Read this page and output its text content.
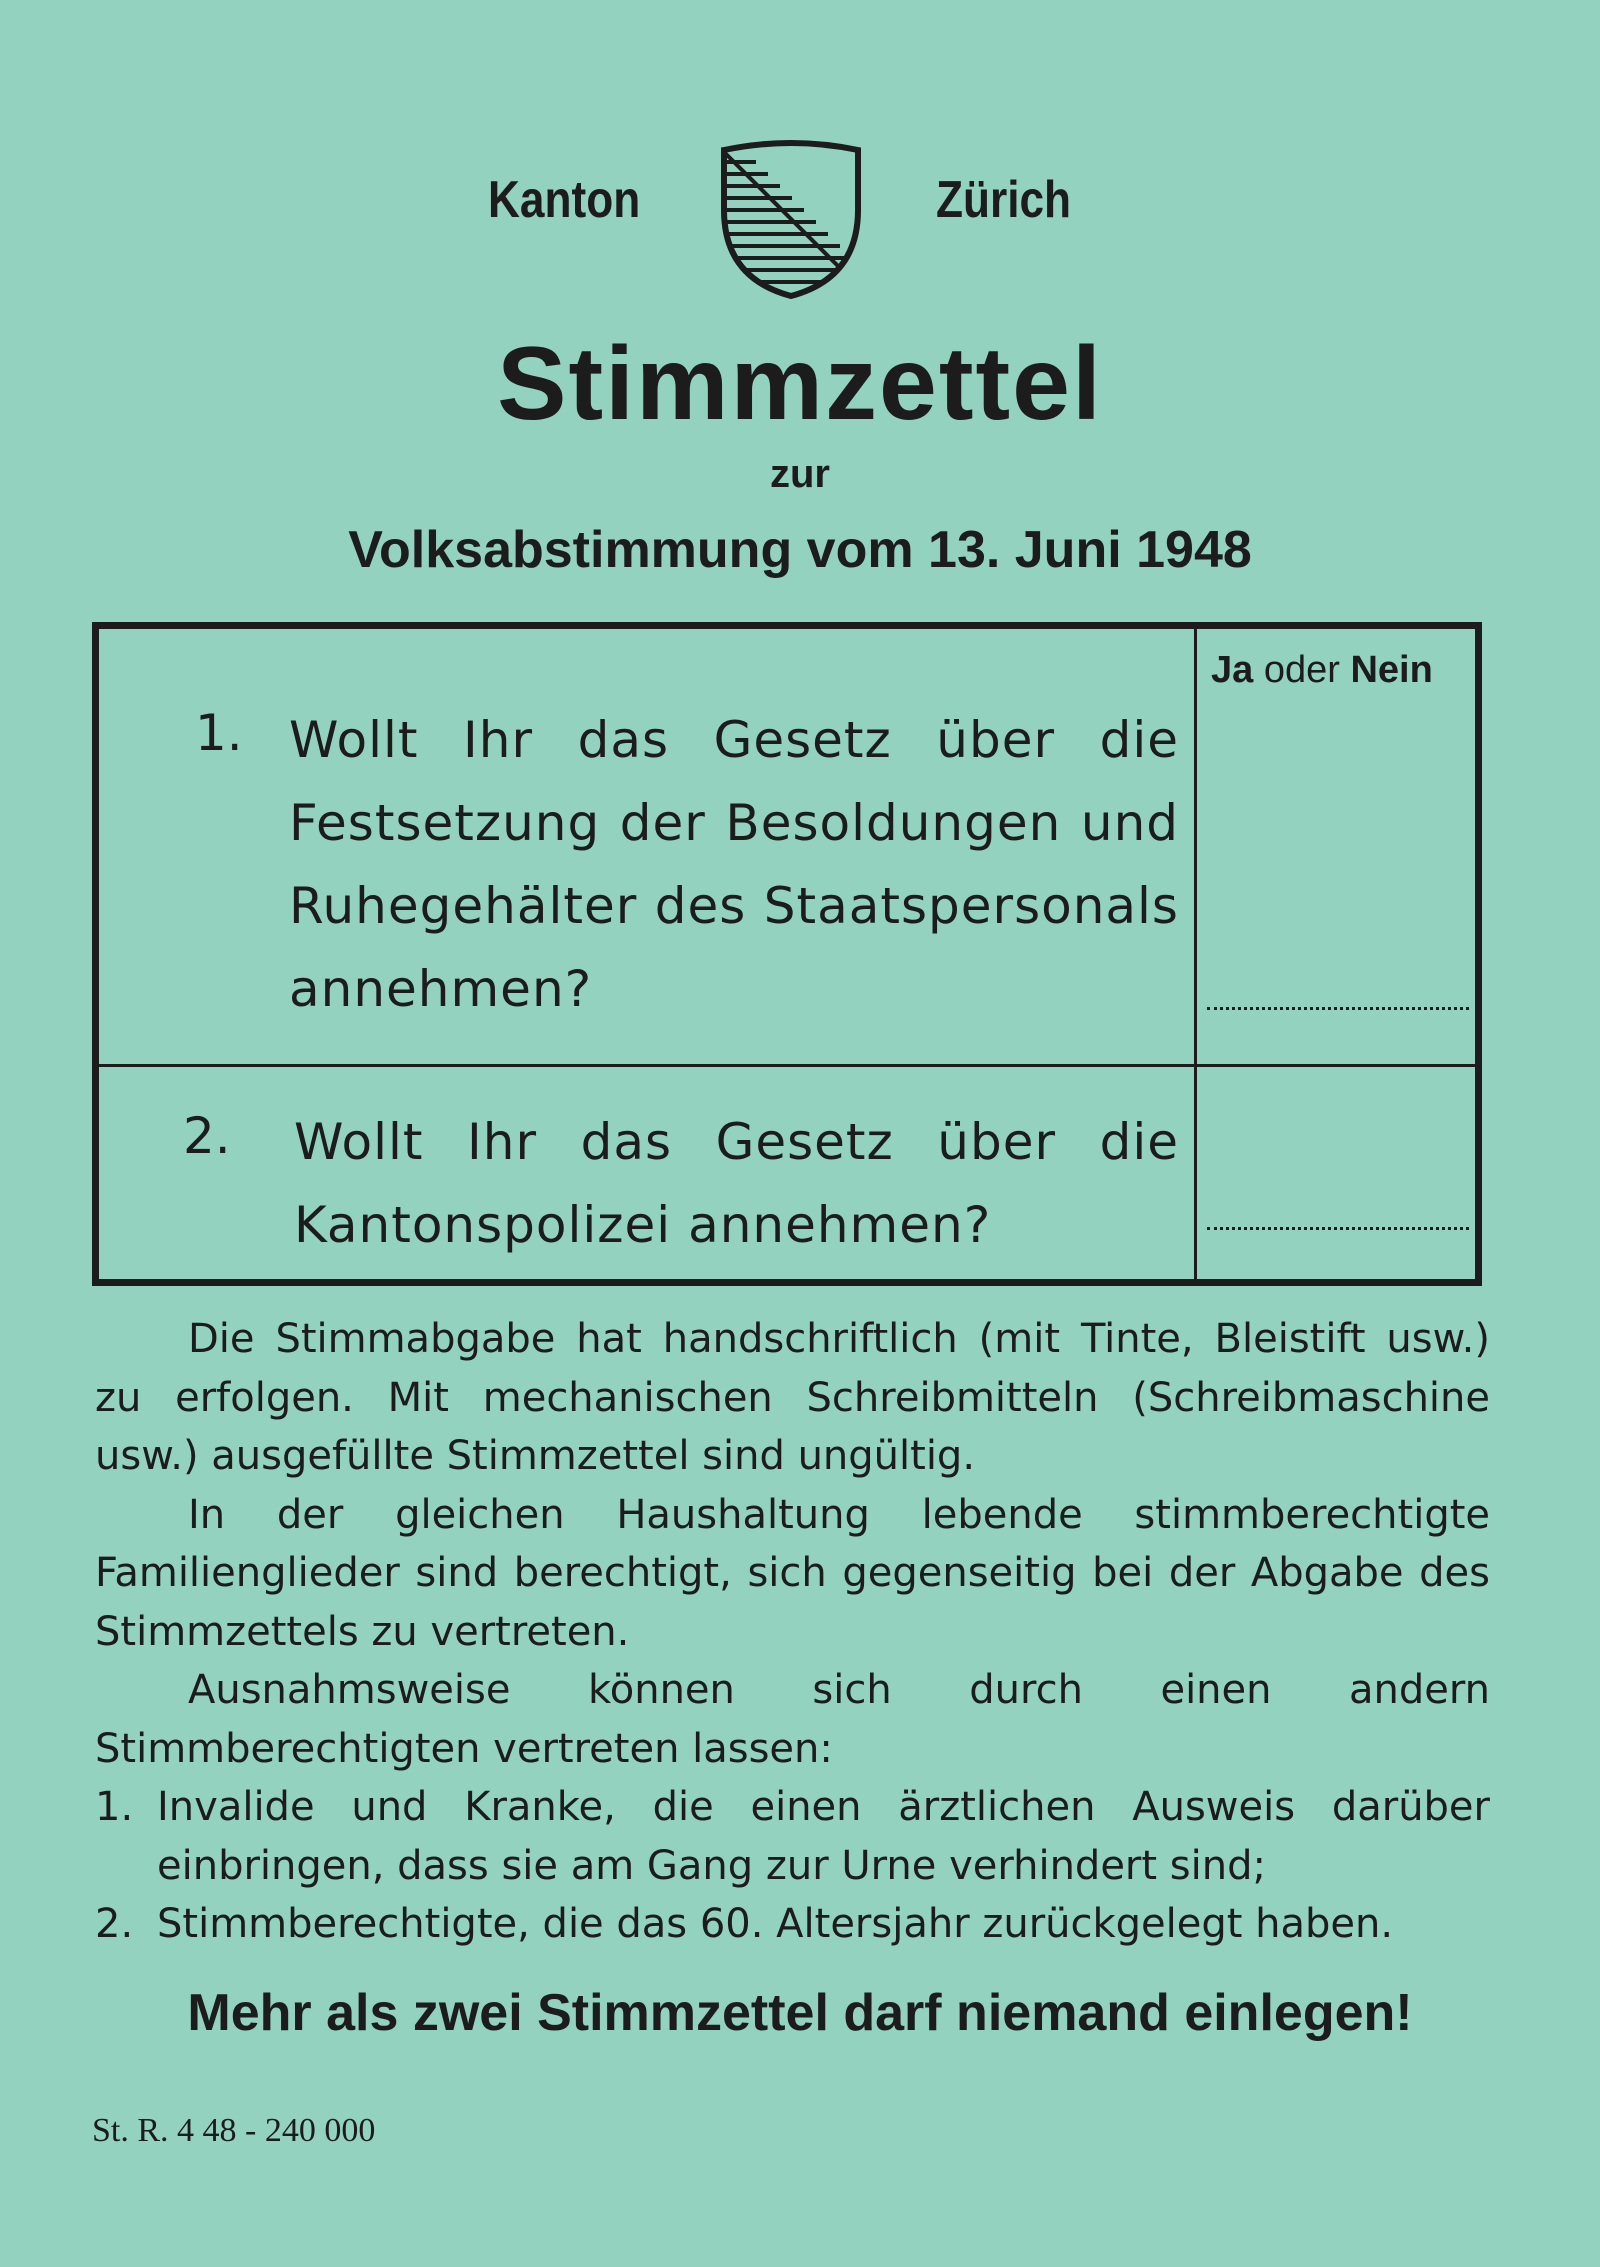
Kanton	Zürich
Stimmzettel
zur
Volksabstimmung vom 13. Juni 1948
Ja oder Nein
1. Wollt Ihr das Gesetz über die Festsetzung der Besoldungen und Ruhegehälter des Staatspersonals annehmen?
2. Wollt Ihr das Gesetz über die Kantonspolizei annehmen?

Die Stimmabgabe hat handschriftlich (mit Tinte, Bleistift usw.) zu erfolgen. Mit mechanischen Schreibmitteln (Schreibmaschine usw.) ausgefüllte Stimmzettel sind ungültig.

In der gleichen Haushaltung lebende stimmberechtigte Familienglieder sind berechtigt, sich gegenseitig bei der Abgabe des Stimmzettels zu vertreten.

Ausnahmsweise können sich durch einen andern Stimmberechtigten vertreten lassen:

1. Invalide und Kranke, die einen ärztlichen Ausweis darüber einbringen, dass sie am Gang zur Urne verhindert sind;
2. Stimmberechtigte, die das 60. Altersjahr zurückgelegt haben.
Mehr als zwei Stimmzettel darf niemand einlegen!
St. R. 4 48 - 240 000
